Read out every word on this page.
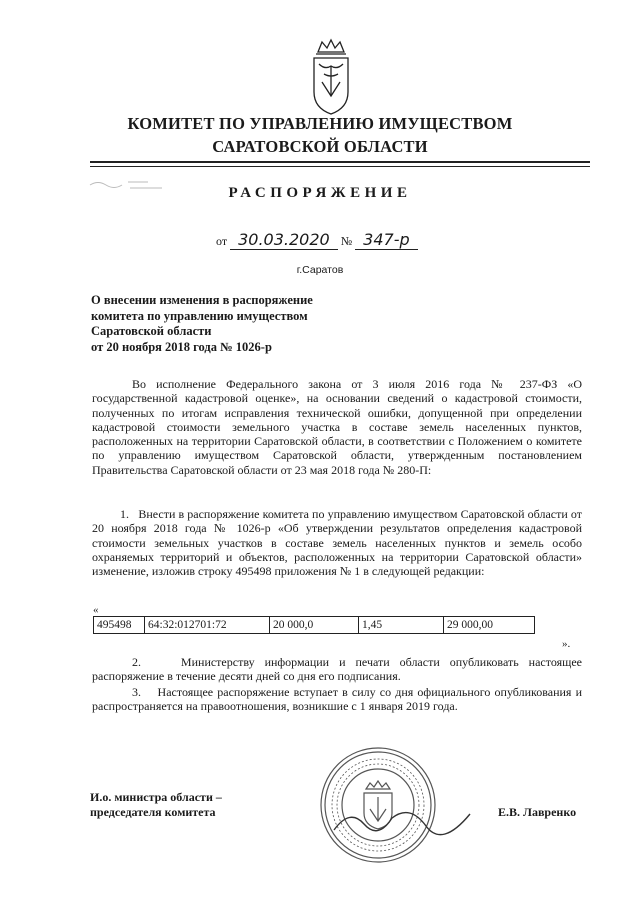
КОМИТЕТ ПО УПРАВЛЕНИЮ ИМУЩЕСТВОМ
САРАТОВСКОЙ ОБЛАСТИ
РАСПОРЯЖЕНИЕ
от 30.03.2020 № 347-р
г.Саратов
О внесении изменения в распоряжение
комитета по управлению имуществом
Саратовской области
от 20 ноября 2018 года № 1026-р
Во исполнение Федерального закона от 3 июля 2016 года № 237-ФЗ «О государственной кадастровой оценке», на основании сведений о кадастровой стоимости, полученных по итогам исправления технической ошибки, допущенной при определении кадастровой стоимости земельного участка в составе земель населенных пунктов, расположенных на территории Саратовской области, в соответствии с Положением о комитете по управлению имуществом Саратовской области, утвержденным постановлением Правительства Саратовской области от 23 мая 2018 года № 280-П:
1.   Внести в распоряжение комитета по управлению имуществом Саратовской области от 20 ноября 2018 года № 1026-р «Об утверждении результатов определения кадастровой стоимости земельных участков в составе земель населенных пунктов и земель особо охраняемых территорий и объектов, расположенных на территории Саратовской области» изменение, изложив строку 495498 приложения № 1 в следующей редакции:
«
495498	64:32:012701:72	20 000,0	1,45	29 000,00
».
2.    Министерству информации и печати области опубликовать настоящее распоряжение в течение десяти дней со дня его подписания.
3.    Настоящее распоряжение вступает в силу со дня официального опубликования и распространяется на правоотношения, возникшие с 1 января 2019 года.
И.о. министра области –
председателя комитета	Е.В. Лавренко
